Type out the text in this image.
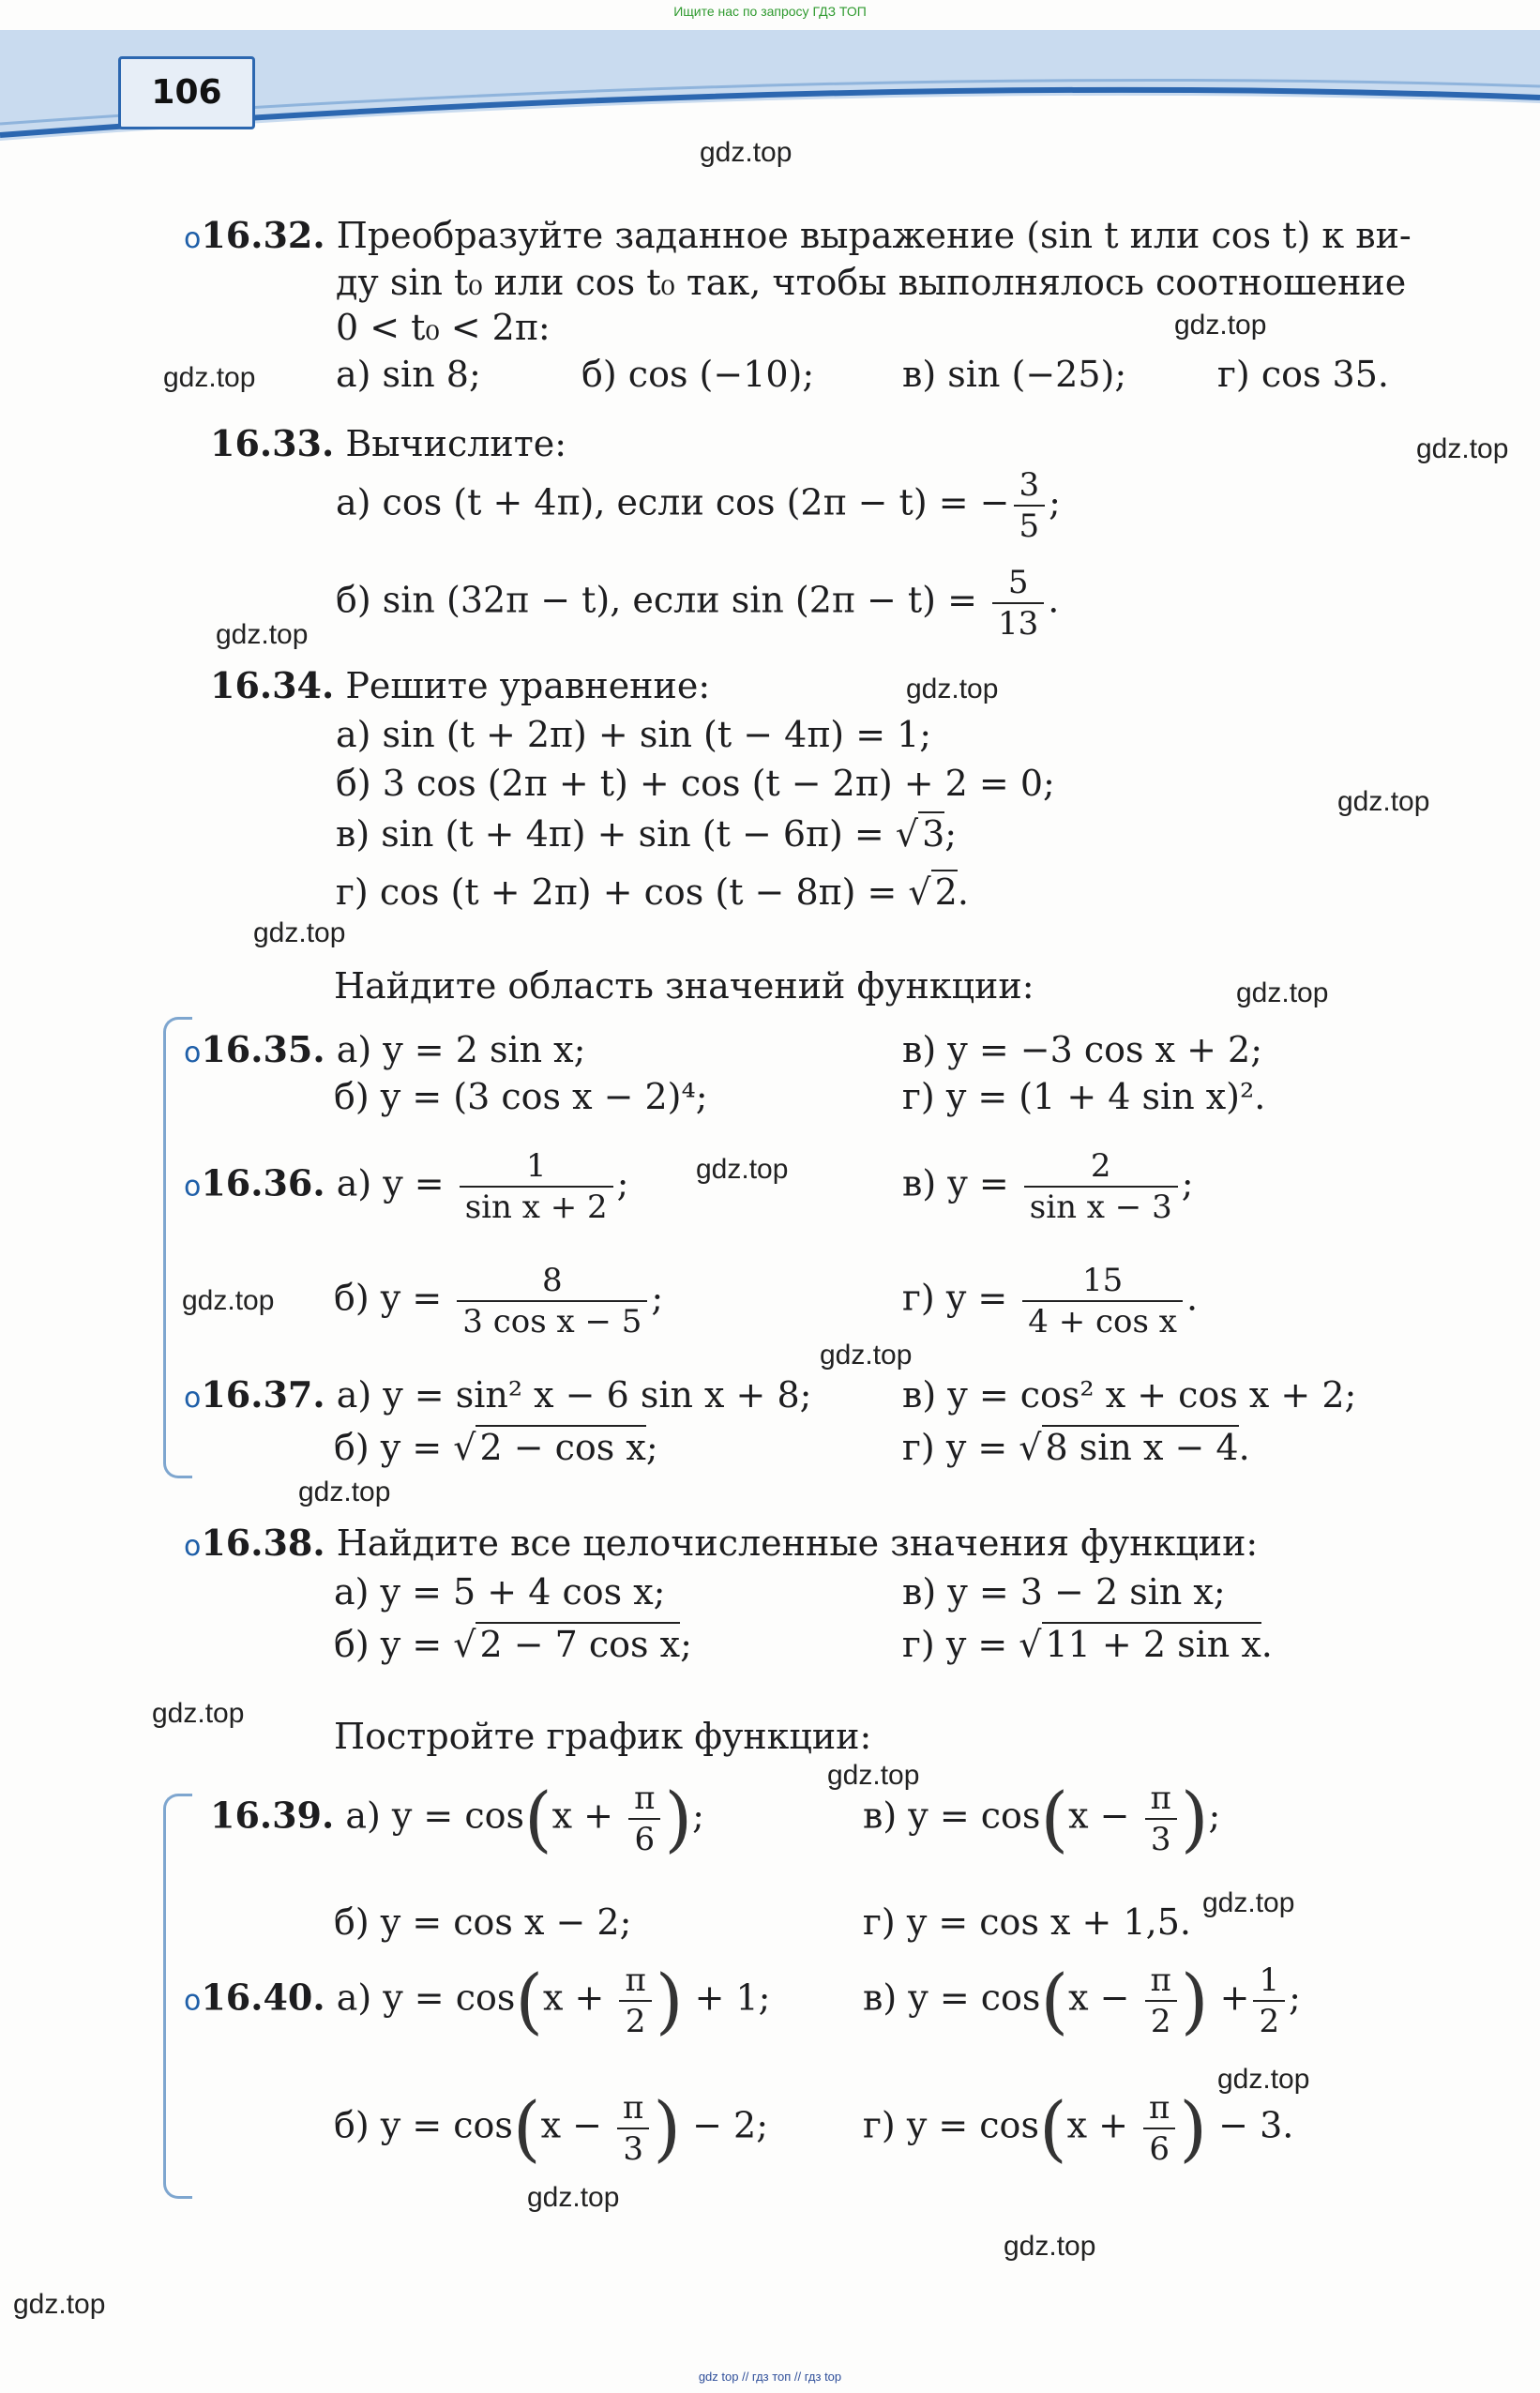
Ищите нас по запросу ГДЗ ТОП
106
gdz.top
gdz.top
gdz.top
gdz.top
gdz.top
gdz.top
gdz.top
gdz.top
gdz.top
gdz.top
gdz.top
gdz.top
gdz.top
gdz.top
gdz.top
gdz.top
gdz.top
gdz.top
gdz.top
gdz.top
o16.32. Преобразуйте заданное выражение (sin t или cos t) к ви-
ду sin t₀ или cos t₀ так, чтобы выполнялось соотношение
0 < t₀ < 2π:
а) sin 8;	б) cos (−10); в) sin (−25);	г) cos 35.
16.33. Вычислите:
а) cos (t + 4π), если cos (2π − t) = − $\frac{3}{5}$ ;
б) sin (32π − t), если $\sin (2\pi - t) = \frac{5}{13}$ .
16.34. Решите уравнение:
а) sin (t + 2π) + sin (t − 4π) = 1;
б) 3 cos (2π + t) + cos (t − 2π) + 2 = 0;
в) sin (t + 4π) + sin (t − 6π) = √ 3;
г) cos (t + 2π) + cos (t − 8π) = √ 2.
Найдите область значений функции:
o16.35. а) y = 2 sin x;	в) y = −3 cos x + 2;
б) y = (3 cos x − 2)⁴;	г) y = (1 + 4 sin x)².
o16.36. а) $y = \frac{1}{\text{sin x + 2}}$ ;	в) $y = \frac{2}{\text{sin x − 3}}$ ;
б) $y = \frac{8}{\text{3 cos x − 5}}$ ;	г) $y = \frac{15}{\text{4 + cos x}}$ .
o16.37. а) y = sin² x − 6 sin x + 8;	в) y = cos² x + cos x + 2;
б) y = √ 2 − cos x;	г) y = √ 8 sin x − 4.
o16.38. Найдите все целочисленные значения функции:
а) y = 5 + 4 cos x;	в) y = 3 − 2 sin x;
б) y = √ 2 − 7 cos x;	г) y = √ 11 + 2 sin x.
Постройте график функции:
16.39. а) $y = \cos(x + \frac{\pi}{6}$ );	в) $y = \cos(x - \frac{\pi}{3}$ );
б) y = cos x − 2;	г) y = cos x + 1,5.
o16.40. а) $y = \cos(x + \frac{\pi}{2}$ ) + 1;	в) $y = \cos(x - \frac{\pi}{2}$ ) + $\frac{1}{2}$ ;
б) $y = \cos(x - \frac{\pi}{3}$ ) − 2;	г) $y = \cos(x + \frac{\pi}{6}$ ) − 3.
gdz top // гдз топ // гдз top
